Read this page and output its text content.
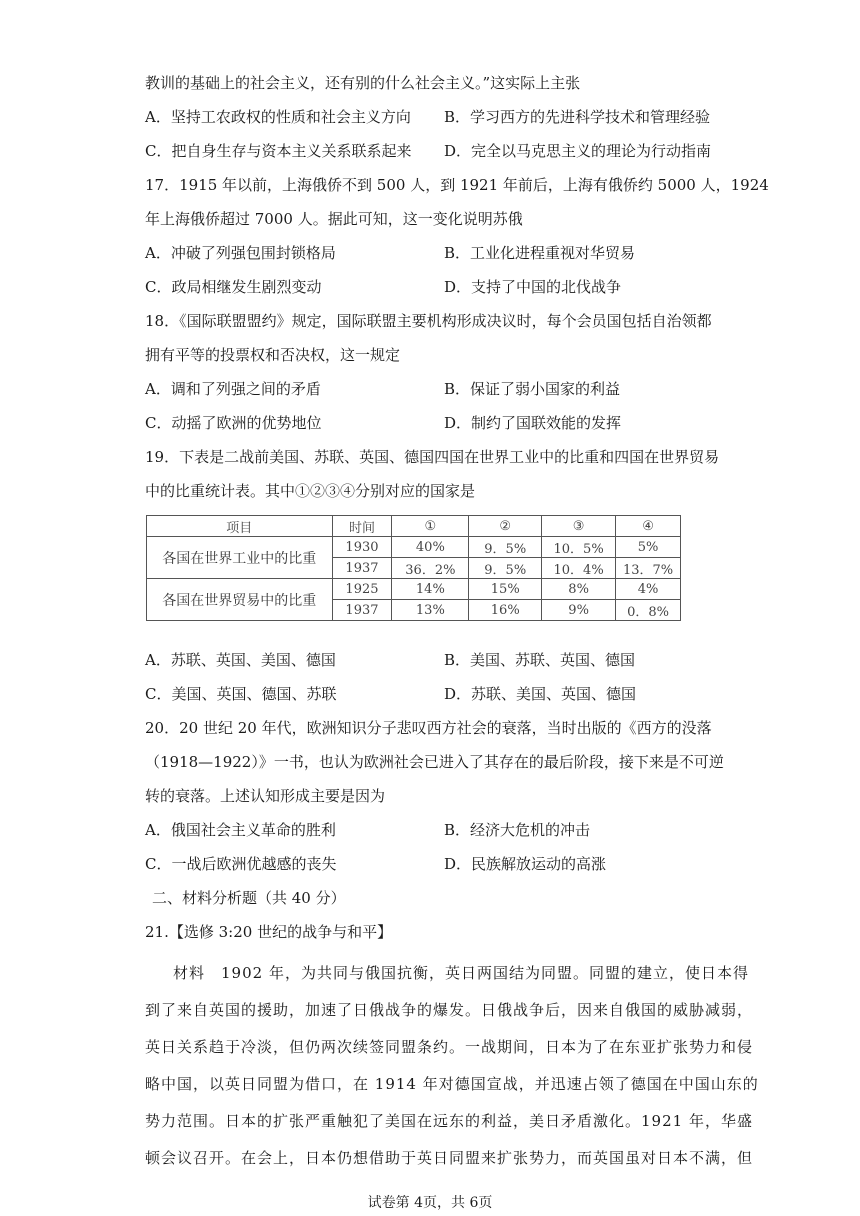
教训的基础上的社会主义，还有别的什么社会主义。”这实际上主张
A．坚持工农政权的性质和社会主义方向 B．学习西方的先进科学技术和管理经验
C．把自身生存与资本主义关系联系起来 D．完全以马克思主义的理论为行动指南
17．1915 年以前，上海俄侨不到 500 人，到 1921 年前后，上海有俄侨约 5000 人，1924
年上海俄侨超过 7000 人。据此可知，这一变化说明苏俄
A．冲破了列强包围封锁格局	B．工业化进程重视对华贸易
C．政局相继发生剧烈变动	D．支持了中国的北伐战争
18．《国际联盟盟约》规定，国际联盟主要机构形成决议时，每个会员国包括自治领都
拥有平等的投票权和否决权，这一规定
A．调和了列强之间的矛盾	B．保证了弱小国家的利益
C．动摇了欧洲的优势地位	D．制约了国联效能的发挥
19．下表是二战前美国、苏联、英国、德国四国在世界工业中的比重和四国在世界贸易
中的比重统计表。其中①②③④分别对应的国家是
项目	时间	①	②	③	④
各国在世界工业中的比重	1930	40%	9．5%	10．5%	5%
	1937	36．2%	9．5%	10．4%	13．7%
各国在世界贸易中的比重	1925	14%	15%	8%	4%
	1937	13%	16%	9%	0．8%
A．苏联、英国、美国、德国	B．美国、苏联、英国、德国
C．美国、英国、德国、苏联	D．苏联、美国、英国、德国
20．20 世纪 20 年代，欧洲知识分子悲叹西方社会的衰落，当时出版的《西方的没落
（1918—1922）》一书，也认为欧洲社会已进入了其存在的最后阶段，接下来是不可逆
转的衰落。上述认知形成主要是因为
A．俄国社会主义革命的胜利	B．经济大危机的冲击
C．一战后欧洲优越感的丧失	D．民族解放运动的高涨
二、材料分析题（共 40 分）
21.【选修 3:20 世纪的战争与和平】
材料　1902 年，为共同与俄国抗衡，英日两国结为同盟。同盟的建立，使日本得
到了来自英国的援助，加速了日俄战争的爆发。日俄战争后，因来自俄国的威胁减弱，
英日关系趋于冷淡，但仍两次续签同盟条约。一战期间，日本为了在东亚扩张势力和侵
略中国，以英日同盟为借口，在 1914 年对德国宣战，并迅速占领了德国在中国山东的
势力范围。日本的扩张严重触犯了美国在远东的利益，美日矛盾激化。1921 年，华盛
顿会议召开。在会上，日本仍想借助于英日同盟来扩张势力，而英国虽对日本不满，但
试卷第 4页，共 6页
